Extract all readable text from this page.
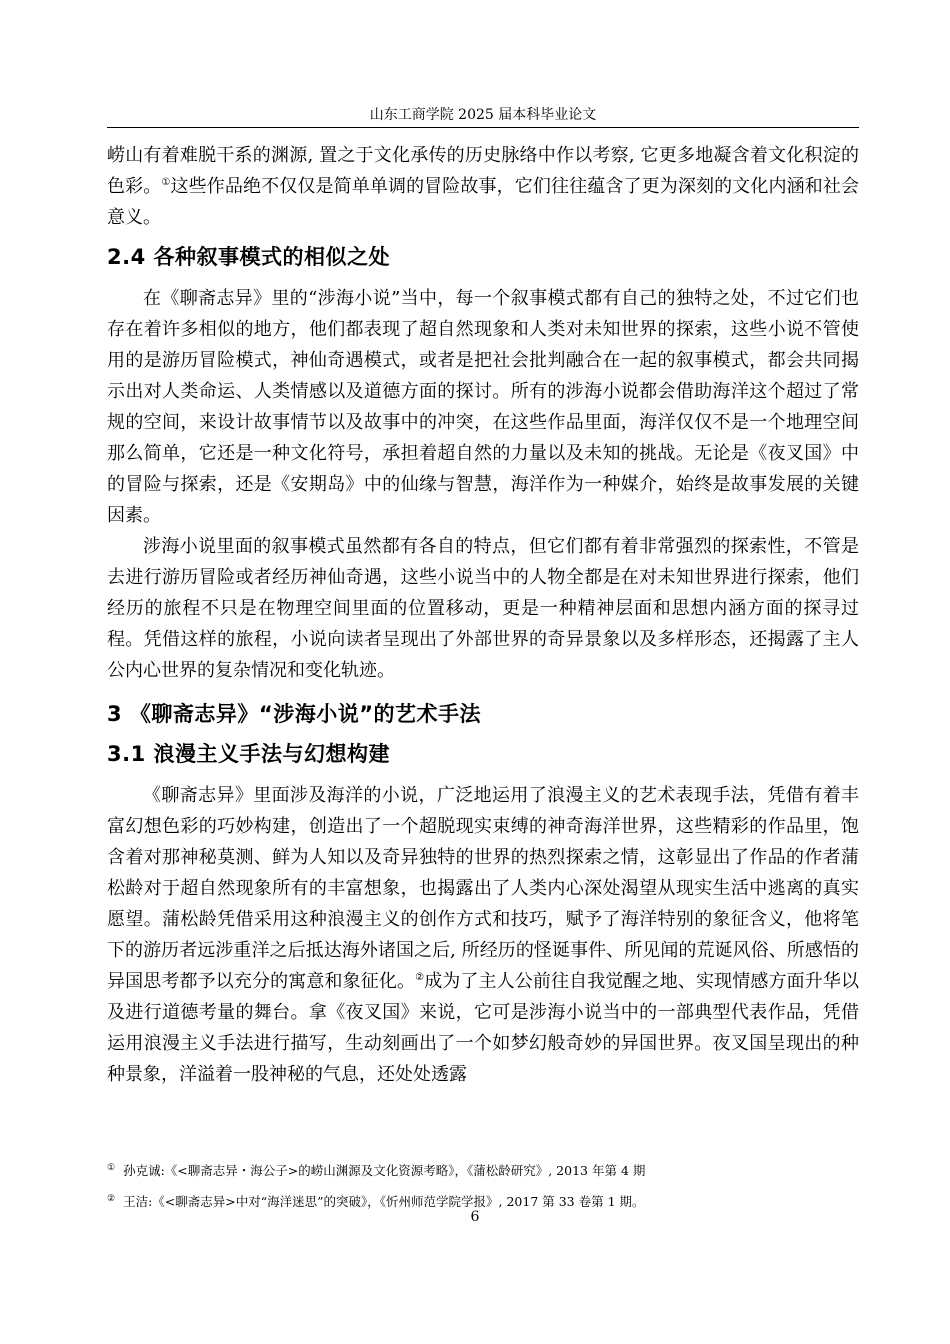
山东工商学院 2025 届本科毕业论文

崂山有着难脱干系的渊源, 置之于文化承传的历史脉络中作以考察, 它更多地凝含着文化积淀的色彩。①这些作品绝不仅仅是简单单调的冒险故事，它们往往蕴含了更为深刻的文化内涵和社会意义。

2.4 各种叙事模式的相似之处

在《聊斋志异》里的“涉海小说”当中，每一个叙事模式都有自己的独特之处，不过它们也存在着许多相似的地方，他们都表现了超自然现象和人类对未知世界的探索，这些小说不管使用的是游历冒险模式，神仙奇遇模式，或者是把社会批判融合在一起的叙事模式，都会共同揭示出对人类命运、人类情感以及道德方面的探讨。所有的涉海小说都会借助海洋这个超过了常规的空间，来设计故事情节以及故事中的冲突，在这些作品里面，海洋仅仅不是一个地理空间那么简单，它还是一种文化符号，承担着超自然的力量以及未知的挑战。无论是《夜叉国》中的冒险与探索，还是《安期岛》中的仙缘与智慧，海洋作为一种媒介，始终是故事发展的关键因素。

涉海小说里面的叙事模式虽然都有各自的特点，但它们都有着非常强烈的探索性，不管是去进行游历冒险或者经历神仙奇遇，这些小说当中的人物全都是在对未知世界进行探索，他们经历的旅程不只是在物理空间里面的位置移动，更是一种精神层面和思想内涵方面的探寻过程。凭借这样的旅程，小说向读者呈现出了外部世界的奇异景象以及多样形态，还揭露了主人公内心世界的复杂情况和变化轨迹。

3 《聊斋志异》“涉海小说”的艺术手法
3.1 浪漫主义手法与幻想构建

《聊斋志异》里面涉及海洋的小说，广泛地运用了浪漫主义的艺术表现手法，凭借有着丰富幻想色彩的巧妙构建，创造出了一个超脱现实束缚的神奇海洋世界，这些精彩的作品里，饱含着对那神秘莫测、鲜为人知以及奇异独特的世界的热烈探索之情，这彰显出了作品的作者蒲松龄对于超自然现象所有的丰富想象，也揭露出了人类内心深处渴望从现实生活中逃离的真实愿望。蒲松龄凭借采用这种浪漫主义的创作方式和技巧，赋予了海洋特别的象征含义，他将笔下的游历者远涉重洋之后抵达海外诸国之后, 所经历的怪诞事件、所见闻的荒诞风俗、所感悟的异国思考都予以充分的寓意和象征化。②成为了主人公前往自我觉醒之地、实现情感方面升华以及进行道德考量的舞台。拿《夜叉国》来说，它可是涉海小说当中的一部典型代表作品，凭借运用浪漫主义手法进行描写，生动刻画出了一个如梦幻般奇妙的异国世界。夜叉国呈现出的种种景象，洋溢着一股神秘的气息，还处处透露

① 孙克诚:《<聊斋志异・海公子>的崂山渊源及文化资源考略》，《蒲松龄研究》, 2013 年第 4 期
② 王洁:《<聊斋志异>中对“海洋迷思”的突破》，《忻州师范学院学报》, 2017 第 33 卷第 1 期。
6
